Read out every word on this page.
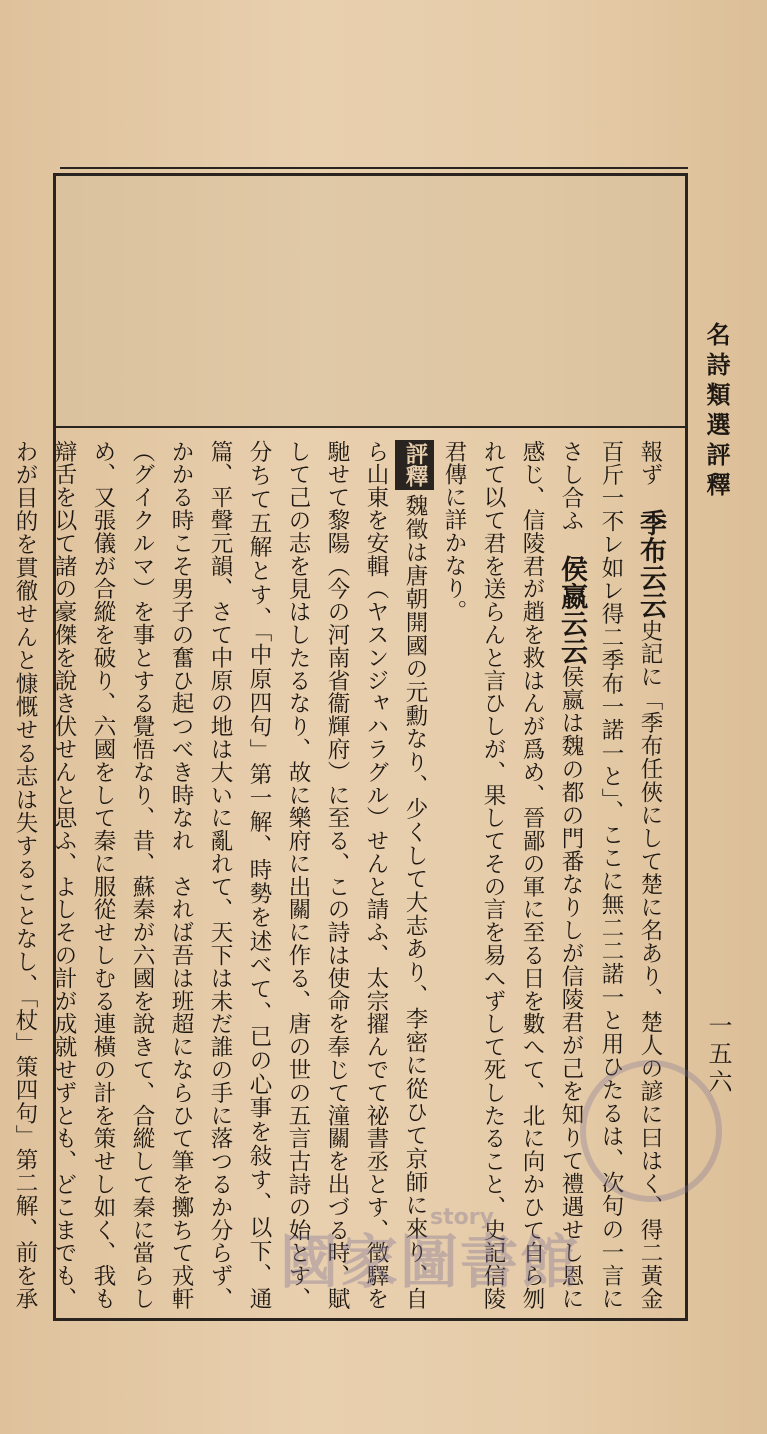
名詩類選評釋
一五六

報ず　季布云云史記に「季布任俠にして楚に名あり、楚人の諺に曰はく、得二黃金百斤一不レ如レ得二季布一諾一と」、ここに無二二諾一と用ひたるは、次句の一言にさし合ふ　侯嬴云云侯嬴は魏の都の門番なりしが信陵君が己を知りて禮遇せし恩に感じ、信陵君が趙を救はんが爲め、晉鄙の軍に至る日を數へて、北に向かひて自ら刎れて以て君を送らんと言ひしが、果してその言を易へずして死したること、史記信陵君傳に詳かなり。

評釋魏徵は唐朝開國の元勳なり、少くして大志あり、李密に從ひて京師に來り、自ら山東を安輯（ヤスンジャハラグル）せんと請ふ、太宗擢んでて祕書丞とす、徵驛を馳せて黎陽（今の河南省衞輝府）に至る、この詩は使命を奉じて潼關を出づる時、賦して己の志を見はしたるなり、故に樂府に出關に作る、唐の世の五言古詩の始とす、分ちて五解とす、「中原四句」第一解、時勢を述べて、已の心事を敍す、以下、通篇、平聲元韻、さて中原の地は大いに亂れて、天下は未だ誰の手に落つるか分らず、かかる時こそ男子の奮ひ起つべき時なれ　されば吾は班超にならひて筆を擲ちて戎軒（グイクルマ）を事とする覺悟なり、昔、蘇秦が六國を說きて、合縱して秦に當らしめ、又張儀が合縱を破り、六國をして秦に服從せしむる連橫の計を策せし如く、我も辯舌を以て諸の豪傑を說き伏せんと思ふ、よしその計が成就せずとも、どこまでも、わが目的を貫徹せんと慷慨せる志は失することなし、「杖」策四句」第二解、前を承

story
國家圖書館
